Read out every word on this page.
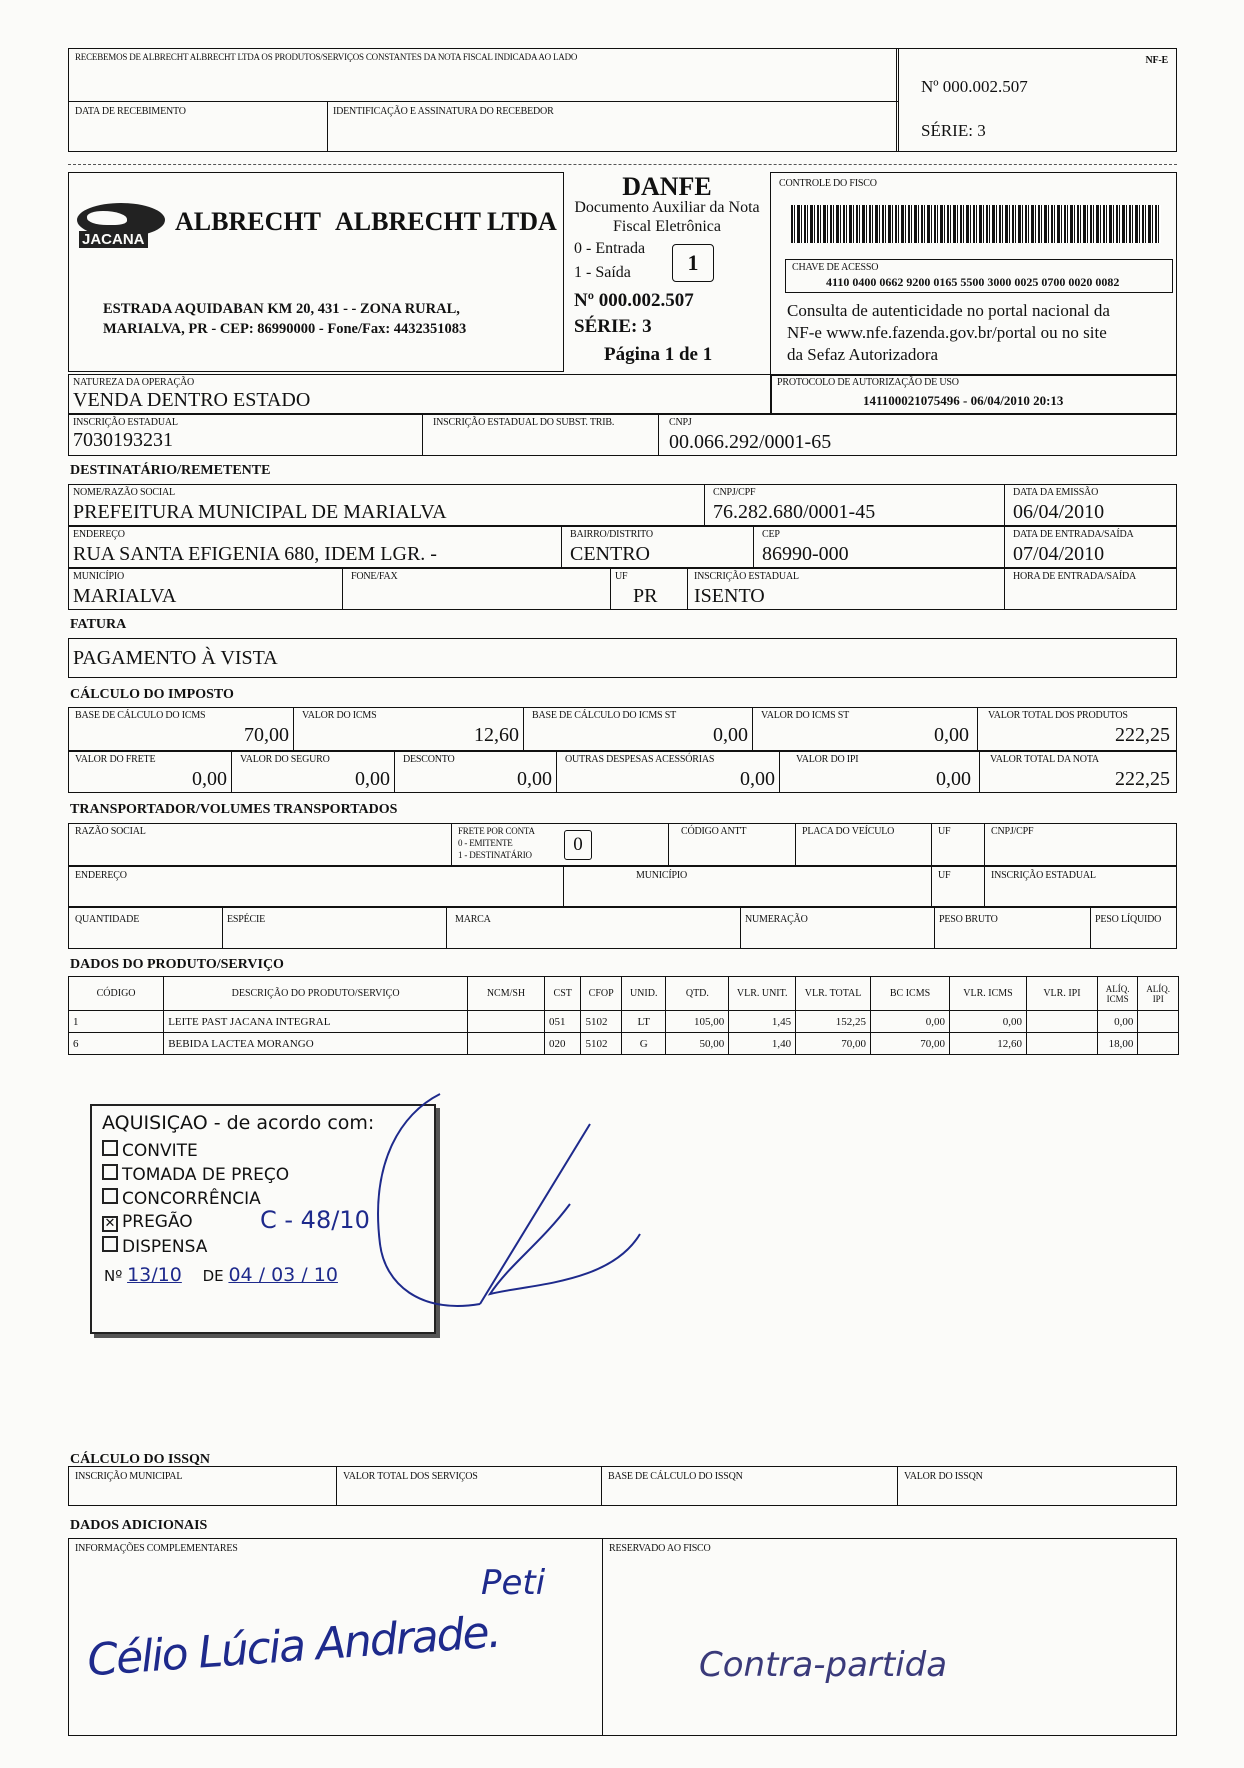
RECEBEMOS DE ALBRECHT ALBRECHT LTDA OS PRODUTOS/SERVIÇOS CONSTANTES DA NOTA FISCAL INDICADA AO LADO
DATA DE RECEBIMENTO	IDENTIFICAÇÃO E ASSINATURA DO RECEBEDOR
NF-E
Nº 000.002.507
SÉRIE: 3
JACANA
ALBRECHT ALBRECHT LTDA
ESTRADA AQUIDABAN KM 20, 431 - - ZONA RURAL,
MARIALVA, PR - CEP: 86990000 - Fone/Fax: 4432351083
DANFE
Documento Auxiliar da Nota
Fiscal Eletrônica
0 - Entrada
1 - Saída	1
Nº 000.002.507
SÉRIE: 3
Página 1 de 1
CONTROLE DO FISCO
CHAVE DE ACESSO
4110 0400 0662 9200 0165 5500 3000 0025 0700 0020 0082
Consulta de autenticidade no portal nacional da
NF-e www.nfe.fazenda.gov.br/portal ou no site
da Sefaz Autorizadora
NATUREZA DA OPERAÇÃO
VENDA DENTRO ESTADO
PROTOCOLO DE AUTORIZAÇÃO DE USO
141100021075496 - 06/04/2010 20:13
INSCRIÇÃO ESTADUAL
7030193231
INSCRIÇÃO ESTADUAL DO SUBST. TRIB.	CNPJ
00.066.292/0001-65
DESTINATÁRIO/REMETENTE
NOME/RAZÃO SOCIAL
PREFEITURA MUNICIPAL DE MARIALVA
CNPJ/CPF
76.282.680/0001-45
DATA DA EMISSÃO
06/04/2010
ENDEREÇO
RUA SANTA EFIGENIA 680, IDEM LGR. -
BAIRRO/DISTRITO
CENTRO
CEP
86990-000
DATA DE ENTRADA/SAÍDA
07/04/2010
MUNICÍPIO
MARIALVA
FONE/FAX	UF
PR
INSCRIÇÃO ESTADUAL
ISENTO
HORA DE ENTRADA/SAÍDA
FATURA
PAGAMENTO À VISTA
CÁLCULO DO IMPOSTO
BASE DE CÁLCULO DO ICMS
70,00
VALOR DO ICMS
12,60
BASE DE CÁLCULO DO ICMS ST
0,00
VALOR DO ICMS ST
0,00
VALOR TOTAL DOS PRODUTOS
222,25
VALOR DO FRETE
0,00
VALOR DO SEGURO
0,00
DESCONTO
0,00
OUTRAS DESPESAS ACESSÓRIAS
0,00
VALOR DO IPI
0,00
VALOR TOTAL DA NOTA
222,25
TRANSPORTADOR/VOLUMES TRANSPORTADOS
RAZÃO SOCIAL	FRETE POR CONTA
0 - EMITENTE
1 - DESTINATÁRIO	0
CÓDIGO ANTT	PLACA DO VEÍCULO	UF	CNPJ/CPF
ENDEREÇO	MUNICÍPIO	UF	INSCRIÇÃO ESTADUAL
QUANTIDADE	ESPÉCIE	MARCA	NUMERAÇÃO	PESO BRUTO	PESO LÍQUIDO
DADOS DO PRODUTO/SERVIÇO
CÓDIGO	DESCRIÇÃO DO PRODUTO/SERVIÇO	NCM/SH	CST	CFOP	UNID.	QTD.	VLR. UNIT.	VLR. TOTAL	BC ICMS	VLR. ICMS	VLR. IPI	ALÍQ. ICMS	ALÍQ. IPI
1	LEITE PAST JACANA INTEGRAL		051	5102	LT	105,00	1,45	152,25	0,00	0,00		0,00	
6	BEBIDA LACTEA MORANGO		020	5102	G	50,00	1,40	70,00	70,00	12,60		18,00	
AQUISIÇAO - de acordo com:
CONVITE
TOMADA DE PREÇO
CONCORRÊNCIA
✕ PREGÃO
DISPENSA
C - 48/10
Nº 13/10 DE 04 / 03 / 10
CÁLCULO DO ISSQN
INSCRIÇÃO MUNICIPAL	VALOR TOTAL DOS SERVIÇOS	BASE DE CÁLCULO DO ISSQN	VALOR DO ISSQN
DADOS ADICIONAIS
INFORMAÇÕES COMPLEMENTARES	RESERVADO AO FISCO
Peti
Célio Lúcia Andrade.	Contra-partida
